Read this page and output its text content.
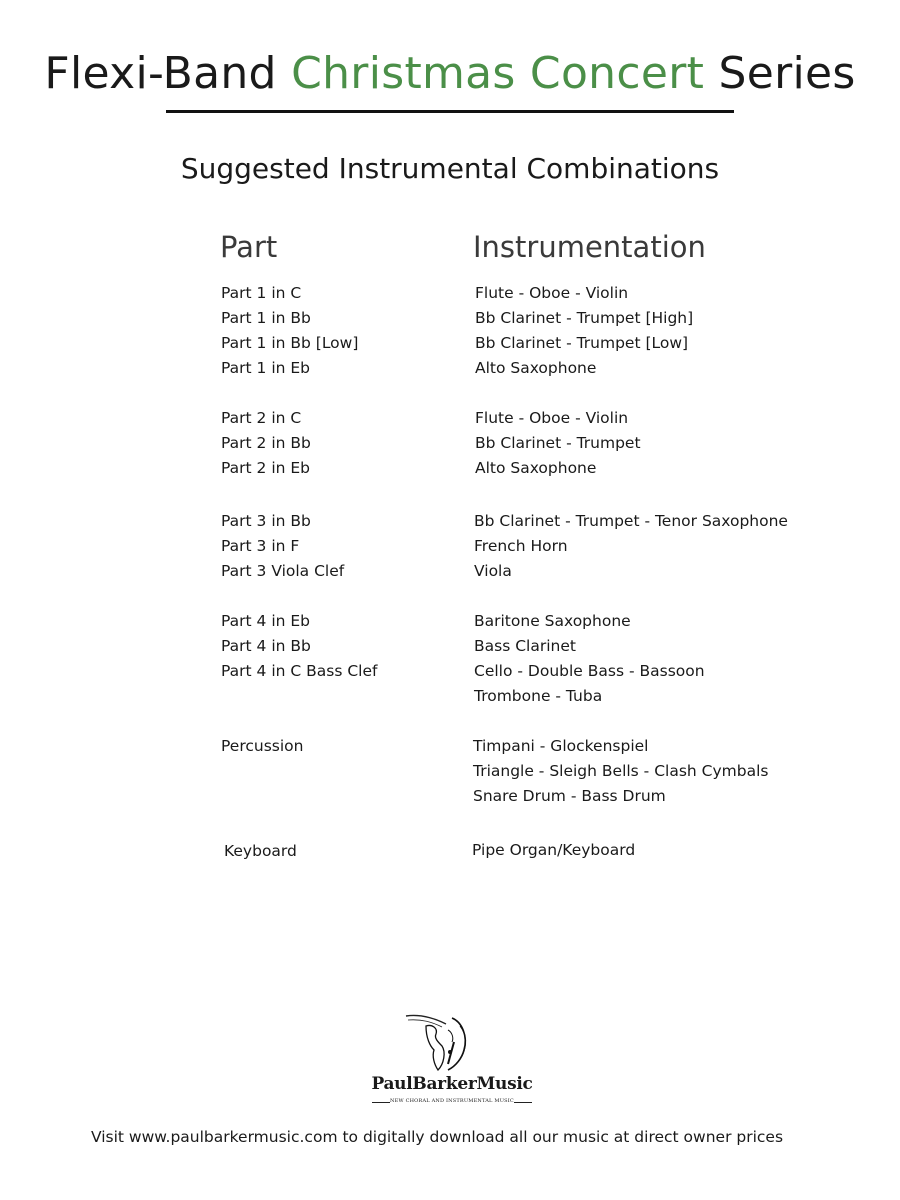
Flexi-Band Christmas Concert Series
Suggested Instrumental Combinations
Part	Instrumentation
Part 1 in C	Flute - Oboe - Violin
Part 1 in Bb	Bb Clarinet - Trumpet [High]
Part 1 in Bb [Low]	Bb Clarinet - Trumpet [Low]
Part 1 in Eb	Alto Saxophone
Part 2 in C	Flute - Oboe - Violin
Part 2 in Bb	Bb Clarinet - Trumpet
Part 2 in Eb	Alto Saxophone
Part 3 in Bb	Bb Clarinet - Trumpet - Tenor Saxophone
Part 3 in F	French Horn
Part 3 Viola Clef	Viola
Part 4 in Eb	Baritone Saxophone
Part 4 in Bb	Bass Clarinet
Part 4 in C Bass Clef	Cello - Double Bass - Bassoon
Trombone - Tuba
Percussion	Timpani - Glockenspiel
Triangle - Sleigh Bells - Clash Cymbals
Snare Drum - Bass Drum
Keyboard	Pipe Organ/Keyboard
PaulBarkerMusic
NEW CHORAL AND INSTRUMENTAL MUSIC
Visit www.paulbarkermusic.com to digitally download all our music at direct owner prices
